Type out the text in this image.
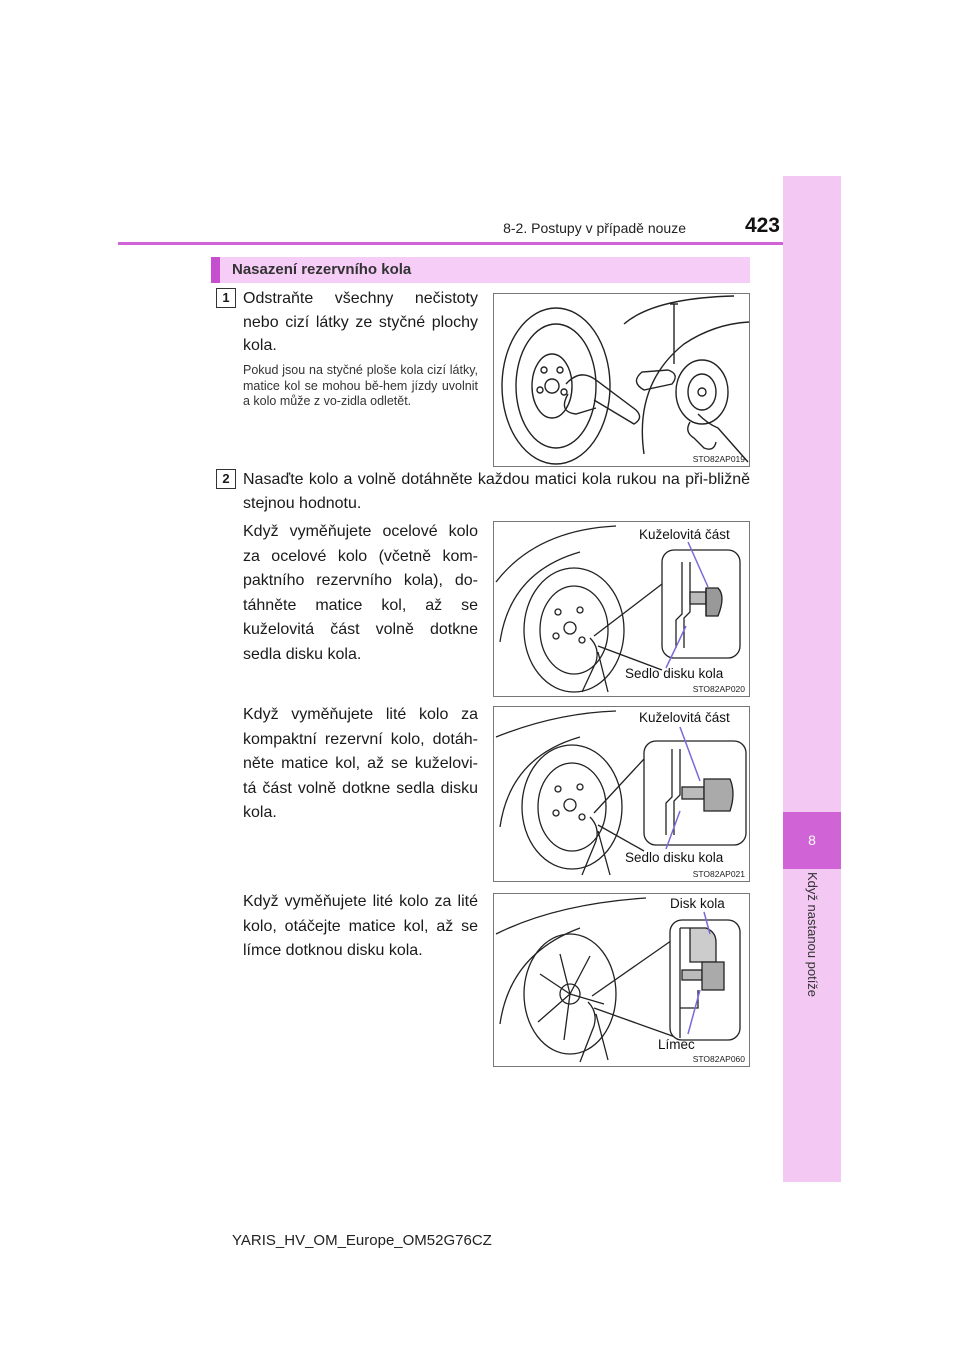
8
Když nastanou potíže
8-2. Postupy v případě nouze	423
Nasazení rezervního kola
1 Odstraňte všechny nečistoty nebo cizí látky ze styčné plochy kola.
Pokud jsou na styčné ploše kola cizí látky, matice kol se mohou bě-hem jízdy uvolnit a kolo může z vo-zidla odletět.
STO82AP019
2 Nasaďte kolo a volně dotáhněte každou matici kola rukou na při-bližně stejnou hodnotu.
Když vyměňujete ocelové kolo za ocelové kolo (včetně kom-paktního rezervního kola), do-táhněte matice kol, až se kuželovitá část volně dotkne sedla disku kola.
Kuželovitá část
Sedlo disku kola
STO82AP020
Když vyměňujete lité kolo za kompaktní rezervní kolo, dotáh-něte matice kol, až se kuželovi-tá část volně dotkne sedla disku kola.
Kuželovitá část
Sedlo disku kola
STO82AP021
Když vyměňujete lité kolo za lité kolo, otáčejte matice kol, až se límce dotknou disku kola.
Disk kola
Límec
STO82AP060
YARIS_HV_OM_Europe_OM52G76CZ
